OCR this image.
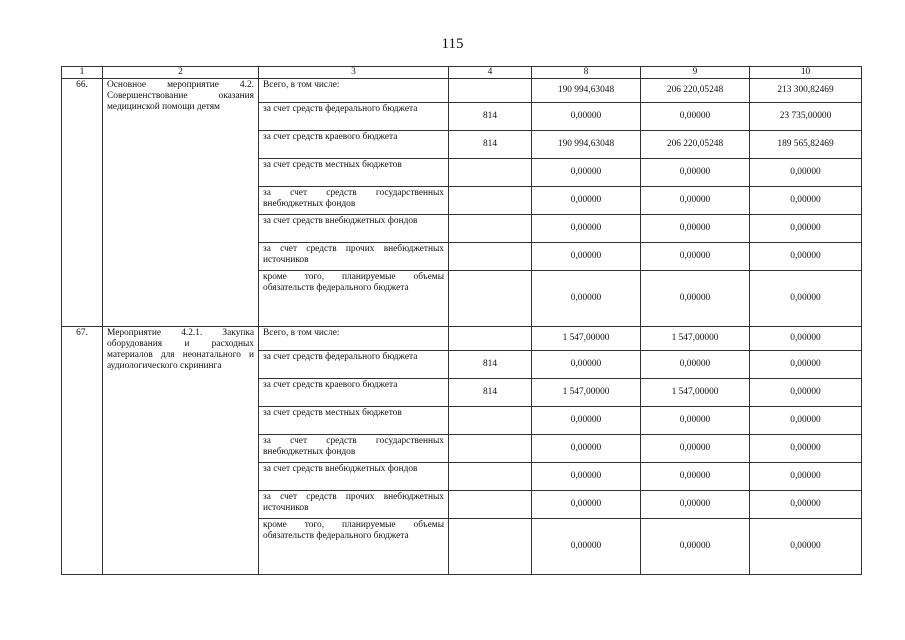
115
1	2	3	4	8	9	10
66.	Основное мероприятие 4.2. Совершенствование оказания медицинской помощи детям	Всего, в том числе:		190 994,63048	206 220,05248	213 300,82469
		за счет средств федерального бюджета	814	0,00000	0,00000	23 735,00000
		за счет средств краевого бюджета	814	190 994,63048	206 220,05248	189 565,82469
		за счет средств местных бюджетов		0,00000	0,00000	0,00000
		за счет средств государственных внебюджетных фондов		0,00000	0,00000	0,00000
		за счет средств внебюджетных фондов		0,00000	0,00000	0,00000
		за счет средств прочих внебюджетных источников		0,00000	0,00000	0,00000
		кроме того, планируемые объемы обязательств федерального бюджета		0,00000	0,00000	0,00000
67.	Мероприятие 4.2.1. Закупка оборудования и расходных материалов для неонатального и аудиологического скрининга	Всего, в том числе:		1 547,00000	1 547,00000	0,00000
		за счет средств федерального бюджета	814	0,00000	0,00000	0,00000
		за счет средств краевого бюджета	814	1 547,00000	1 547,00000	0,00000
		за счет средств местных бюджетов		0,00000	0,00000	0,00000
		за счет средств государственных внебюджетных фондов		0,00000	0,00000	0,00000
		за счет средств внебюджетных фондов		0,00000	0,00000	0,00000
		за счет средств прочих внебюджетных источников		0,00000	0,00000	0,00000
		кроме того, планируемые объемы обязательств федерального бюджета		0,00000	0,00000	0,00000
